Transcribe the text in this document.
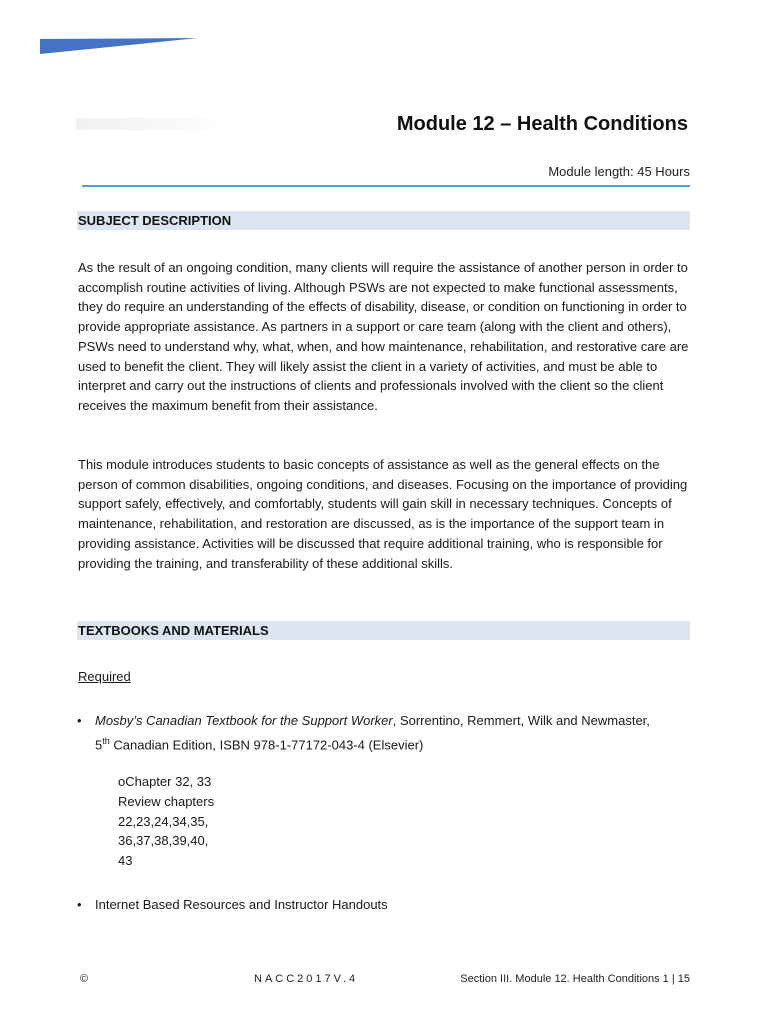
Module 12 – Health Conditions
Module length: 45 Hours
SUBJECT DESCRIPTION

As the result of an ongoing condition, many clients will require the assistance of another person in order to accomplish routine activities of living. Although PSWs are not expected to make functional assessments, they do require an understanding of the effects of disability, disease, or condition on functioning in order to provide appropriate assistance. As partners in a support or care team (along with the client and others), PSWs need to understand why, what, when, and how maintenance, rehabilitation, and restorative care are used to benefit the client. They will likely assist the client in a variety of activities, and must be able to interpret and carry out the instructions of clients and professionals involved with the client so the client receives the maximum benefit from their assistance.

This module introduces students to basic concepts of assistance as well as the general effects on the person of common disabilities, ongoing conditions, and diseases. Focusing on the importance of providing support safely, effectively, and comfortably, students will gain skill in necessary techniques. Concepts of maintenance, rehabilitation, and restoration are discussed, as is the importance of the support team in providing assistance. Activities will be discussed that require additional training, who is responsible for providing the training, and transferability of these additional skills.

TEXTBOOKS AND MATERIALS
Required
• Mosby’s Canadian Textbook for the Support Worker, Sorrentino, Remmert, Wilk and Newmaster,
5th Canadian Edition, ISBN 978-1-77172-043-4 (Elsevier)
oChapter 32, 33
Review chapters
22,23,24,34,35,
36,37,38,39,40,
43
• Internet Based Resources and Instructor Handouts
©	NACC2017V.4	Section III. Module 12. Health Conditions 1 | 15
